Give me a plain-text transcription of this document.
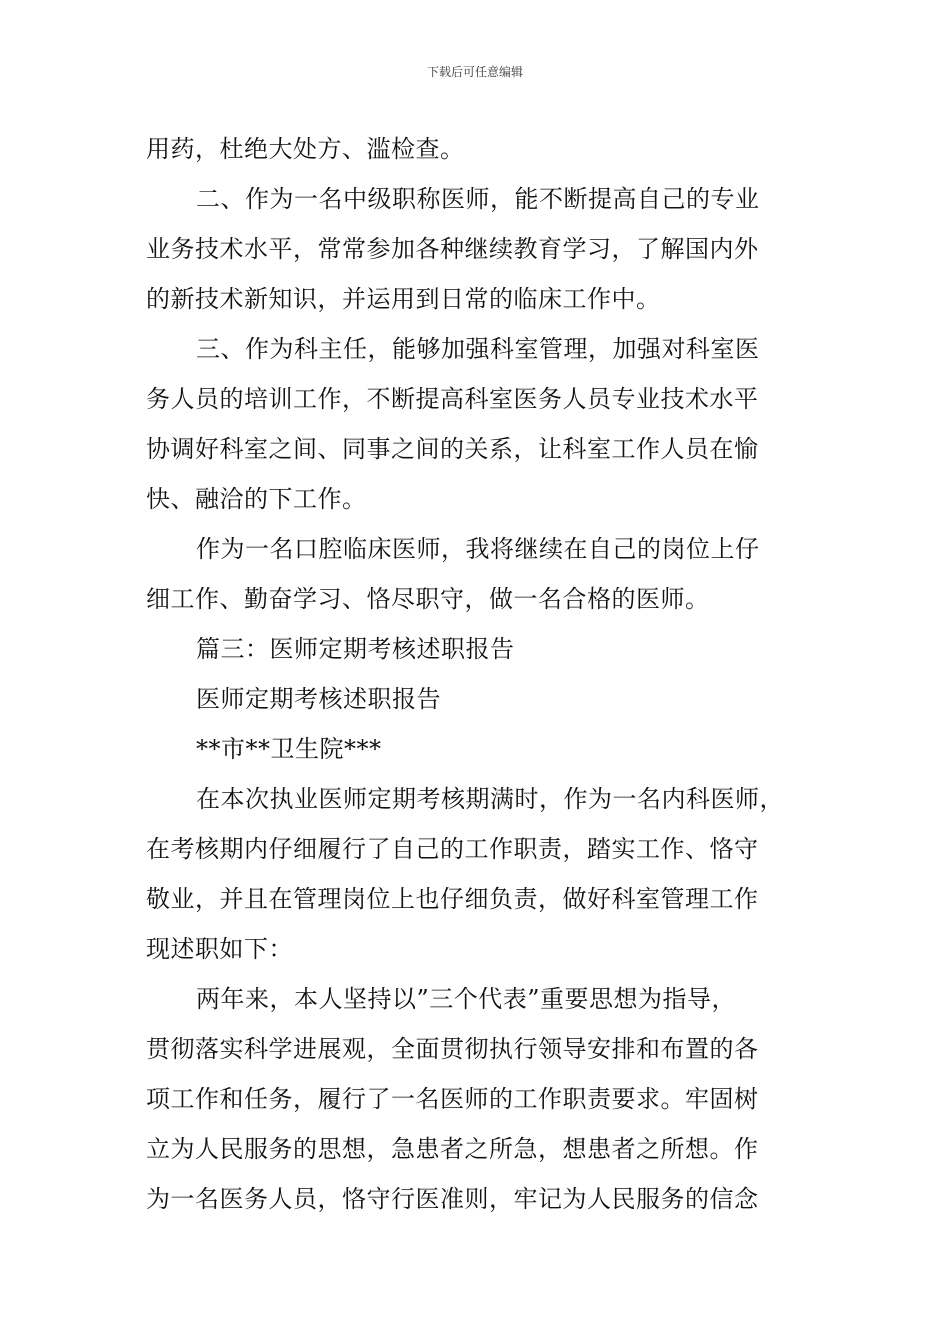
下载后可任意编辑
用药，杜绝大处方、滥检查。
二、作为一名中级职称医师，能不断提高自己的专业
业务技术水平，常常参加各种继续教育学习，了解国内外
的新技术新知识，并运用到日常的临床工作中。
三、作为科主任，能够加强科室管理，加强对科室医
务人员的培训工作，不断提高科室医务人员专业技术水平
协调好科室之间、同事之间的关系，让科室工作人员在愉
快、融洽的下工作。
作为一名口腔临床医师，我将继续在自己的岗位上仔
细工作、勤奋学习、恪尽职守，做一名合格的医师。
篇三：医师定期考核述职报告
医师定期考核述职报告
**市**卫生院***
在本次执业医师定期考核期满时，作为一名内科医师，
在考核期内仔细履行了自己的工作职责，踏实工作、恪守
敬业，并且在管理岗位上也仔细负责，做好科室管理工作
现述职如下：
两年来，本人坚持以”三个代表”重要思想为指导，
贯彻落实科学进展观，全面贯彻执行领导安排和布置的各
项工作和任务，履行了一名医师的工作职责要求。牢固树
立为人民服务的思想，急患者之所急，想患者之所想。作
为一名医务人员，恪守行医准则，牢记为人民服务的信念
